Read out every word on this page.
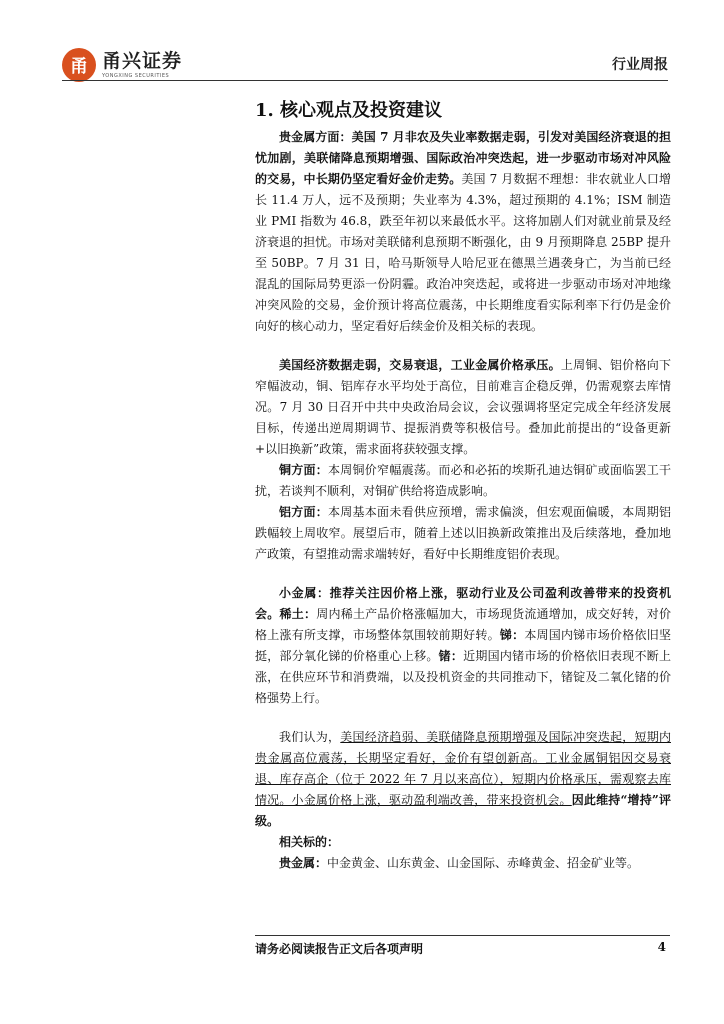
甬 甬兴证券
YONGXING SECURITIES
行业周报
1. 核心观点及投资建议

贵金属方面：美国 7 月非农及失业率数据走弱，引发对美国经济衰退的担忧加剧，美联储降息预期增强、国际政治冲突迭起，进一步驱动市场对冲风险的交易，中长期仍坚定看好金价走势。美国 7 月数据不理想：非农就业人口增长 11.4 万人，远不及预期；失业率为 4.3%，超过预期的 4.1%；ISM 制造业 PMI 指数为 46.8，跌至年初以来最低水平。这将加剧人们对就业前景及经济衰退的担忧。市场对美联储利息预期不断强化，由 9 月预期降息 25BP 提升至 50BP。7 月 31 日，哈马斯领导人哈尼亚在德黑兰遇袭身亡，为当前已经混乱的国际局势更添一份阴霾。政治冲突迭起，或将进一步驱动市场对冲地缘冲突风险的交易，金价预计将高位震荡，中长期维度看实际利率下行仍是金价向好的核心动力，坚定看好后续金价及相关标的表现。

美国经济数据走弱，交易衰退，工业金属价格承压。上周铜、铝价格向下窄幅波动，铜、铝库存水平均处于高位，目前难言企稳反弹，仍需观察去库情况。7 月 30 日召开中共中央政治局会议，会议强调将坚定完成全年经济发展目标，传递出逆周期调节、提振消费等积极信号。叠加此前提出的“设备更新+以旧换新”政策，需求面将获较强支撑。

铜方面：本周铜价窄幅震荡。而必和必拓的埃斯孔迪达铜矿或面临罢工干扰，若谈判不顺利，对铜矿供给将造成影响。

铝方面：本周基本面未看供应预增，需求偏淡，但宏观面偏暖，本周期铝跌幅较上周收窄。展望后市，随着上述以旧换新政策推出及后续落地，叠加地产政策，有望推动需求端转好，看好中长期维度铝价表现。

小金属：推荐关注因价格上涨，驱动行业及公司盈利改善带来的投资机会。稀土：周内稀土产品价格涨幅加大，市场现货流通增加，成交好转，对价格上涨有所支撑，市场整体氛围较前期好转。锑：本周国内锑市场价格依旧坚挺，部分氧化锑的价格重心上移。锗：近期国内锗市场的价格依旧表现不断上涨，在供应环节和消费端，以及投机资金的共同推动下，锗锭及二氧化锗的价格强势上行。

我们认为，美国经济趋弱、美联储降息预期增强及国际冲突迭起，短期内贵金属高位震荡，长期坚定看好，金价有望创新高。工业金属铜铝因交易衰退、库存高企（位于 2022 年 7 月以来高位），短期内价格承压，需观察去库情况。小金属价格上涨，驱动盈利端改善，带来投资机会。因此维持“增持”评级。

相关标的：

贵金属：中金黄金、山东黄金、山金国际、赤峰黄金、招金矿业等。

请务必阅读报告正文后各项声明	4
